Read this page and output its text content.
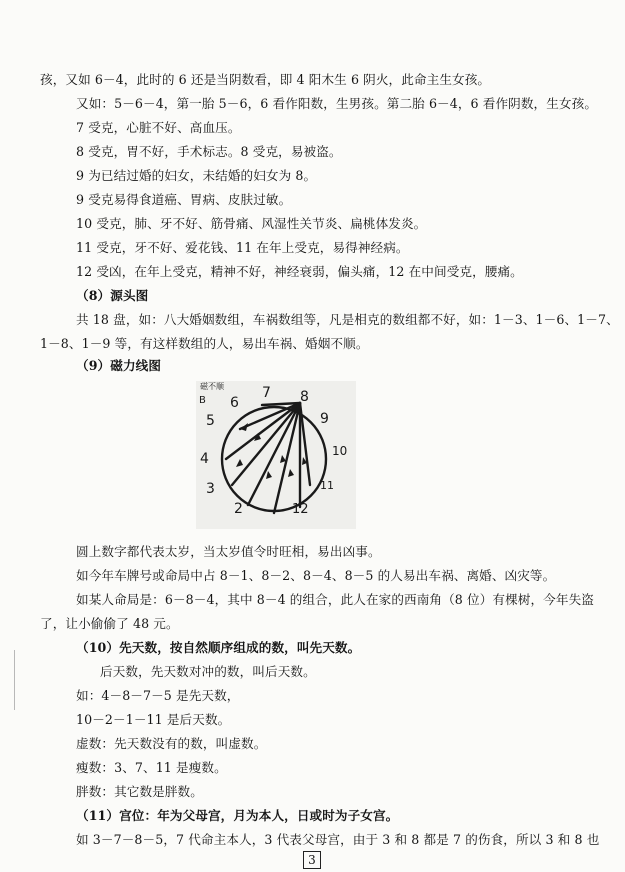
孩，又如 6－4，此时的 6 还是当阴数看，即 4 阳木生 6 阴火，此命主生女孩。
又如：5－6－4，第一胎 5－6，6 看作阳数，生男孩。第二胎 6－4，6 看作阴数，生女孩。
7 受克，心脏不好、高血压。
8 受克，胃不好，手术标志。8 受克，易被盗。
9 为已结过婚的妇女，未结婚的妇女为 8。
9 受克易得食道癌、胃病、皮肤过敏。
10 受克，肺、牙不好、筋骨痛、风湿性关节炎、扁桃体发炎。
11 受克，牙不好、爱花钱、11 在年上受克，易得神经病。
12 受凶，在年上受克，精神不好，神经衰弱，偏头痛，12 在中间受克，腰痛。
（8）源头图
共 18 盘，如：八大婚姻数组，车祸数组等，凡是相克的数组都不好，如：1－3、1－6、1－7、
1－8、1－9 等，有这样数组的人，易出车祸、婚姻不顺。
（9）磁力线图
B
磁不顺	7 8
6
5	9
10
4
3	11
2	12
圆上数字都代表太岁，当太岁值令时旺相，易出凶事。
如今年车牌号或命局中占 8－1、8－2、8－4、8－5 的人易出车祸、离婚、凶灾等。
如某人命局是：6－8－4，其中 8－4 的组合，此人在家的西南角（8 位）有棵树，今年失盗
了，让小偷偷了 48 元。
（10）先天数，按自然顺序组成的数，叫先天数。
后天数，先天数对冲的数，叫后天数。
如：4－8－7－5 是先天数，
10－2－1－11 是后天数。
虚数：先天数没有的数，叫虚数。
瘦数：3、7、11 是瘦数。
胖数：其它数是胖数。
（11）宫位：年为父母宫，月为本人，日或时为子女宫。
如 3－7－8－5，7 代命主本人，3 代表父母宫，由于 3 和 8 都是 7 的伤食，所以 3 和 8 也
3
